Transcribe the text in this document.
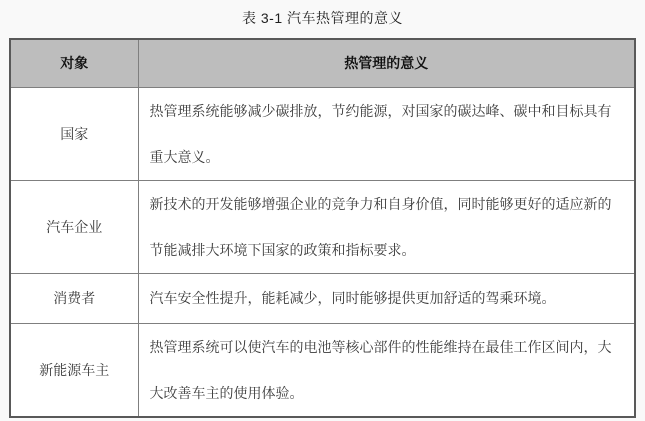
表 3-1 汽车热管理的意义
对象	热管理的意义
国家	热管理系统能够减少碳排放，节约能源，对国家的碳达峰、碳中和目标具有重大意义。
汽车企业	新技术的开发能够增强企业的竞争力和自身价值，同时能够更好的适应新的节能减排大环境下国家的政策和指标要求。
消费者	汽车安全性提升，能耗减少，同时能够提供更加舒适的驾乘环境。
新能源车主	热管理系统可以使汽车的电池等核心部件的性能维持在最佳工作区间内，大大改善车主的使用体验。
